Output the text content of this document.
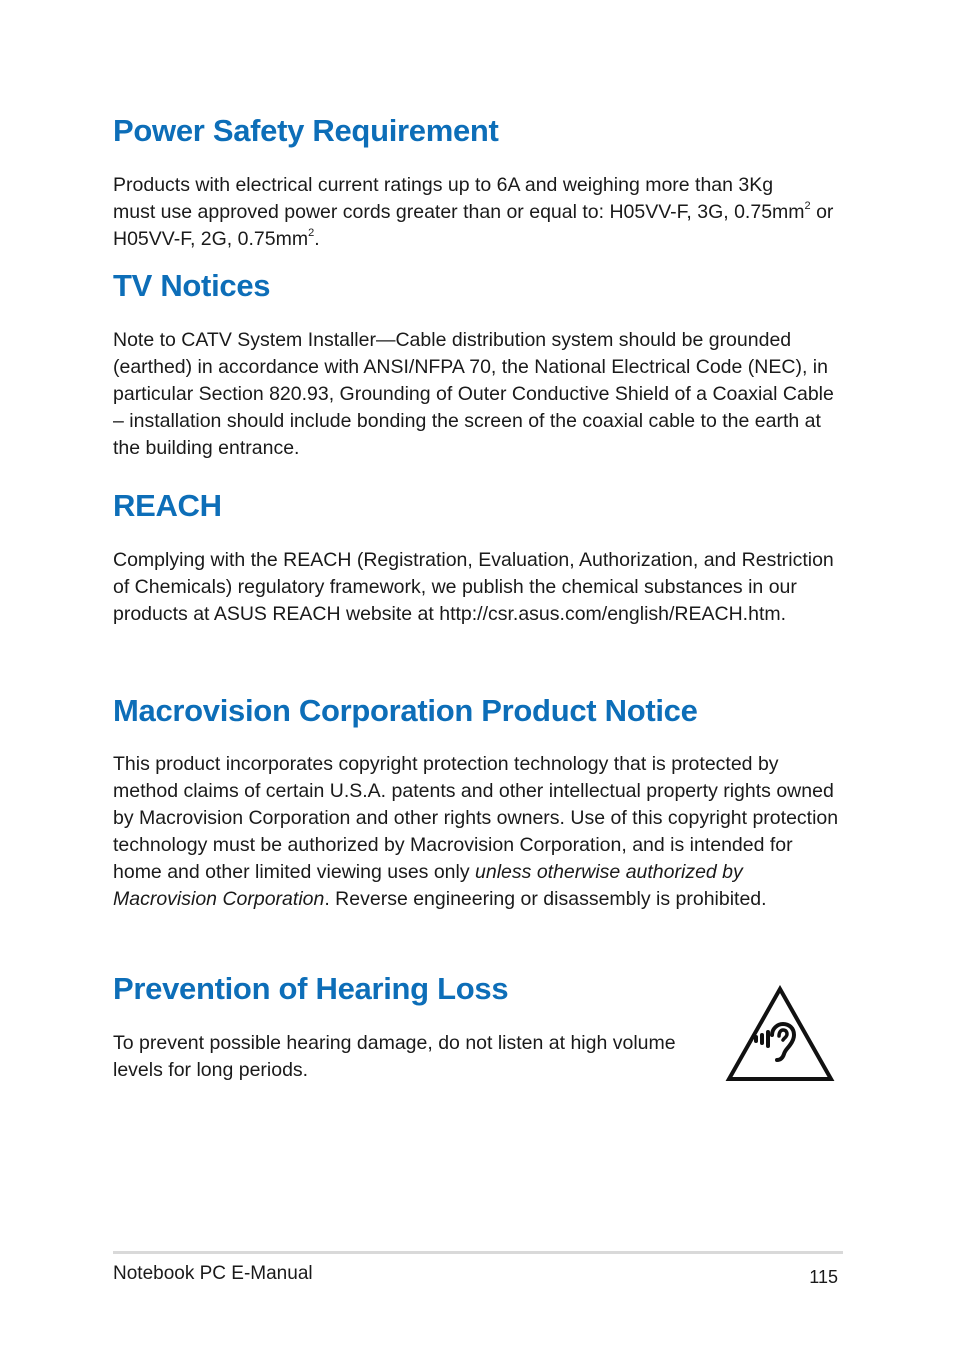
Power Safety Requirement

Products with electrical current ratings up to 6A and weighing more than 3Kg
must use approved power cords greater than or equal to: H05VV-F, 3G, $0.75mm^2$ or
H05VV-F, 2G, $0.75mm^2$.

TV Notices

Note to CATV System Installer—Cable distribution system should be grounded (earthed) in accordance with ANSI/NFPA 70, the National Electrical Code (NEC), in particular Section 820.93, Grounding of Outer Conductive Shield of a Coaxial Cable – installation should include bonding the screen of the coaxial cable to the earth at the building entrance.

REACH

Complying with the REACH (Registration, Evaluation, Authorization, and Restriction of Chemicals) regulatory framework, we publish the chemical substances in our products at ASUS REACH website at http://csr.asus.com/english/REACH.htm.

Macrovision Corporation Product Notice

This product incorporates copyright protection technology that is protected by method claims of certain U.S.A. patents and other intellectual property rights owned by Macrovision Corporation and other rights owners. Use of this copyright protection technology must be authorized by Macrovision Corporation, and is intended for home and other limited viewing uses only unless otherwise authorized by Macrovision Corporation. Reverse engineering or disassembly is prohibited.

Prevention of Hearing Loss

To prevent possible hearing damage, do not listen at high volume levels for long periods.

Notebook PC E-Manual	115
